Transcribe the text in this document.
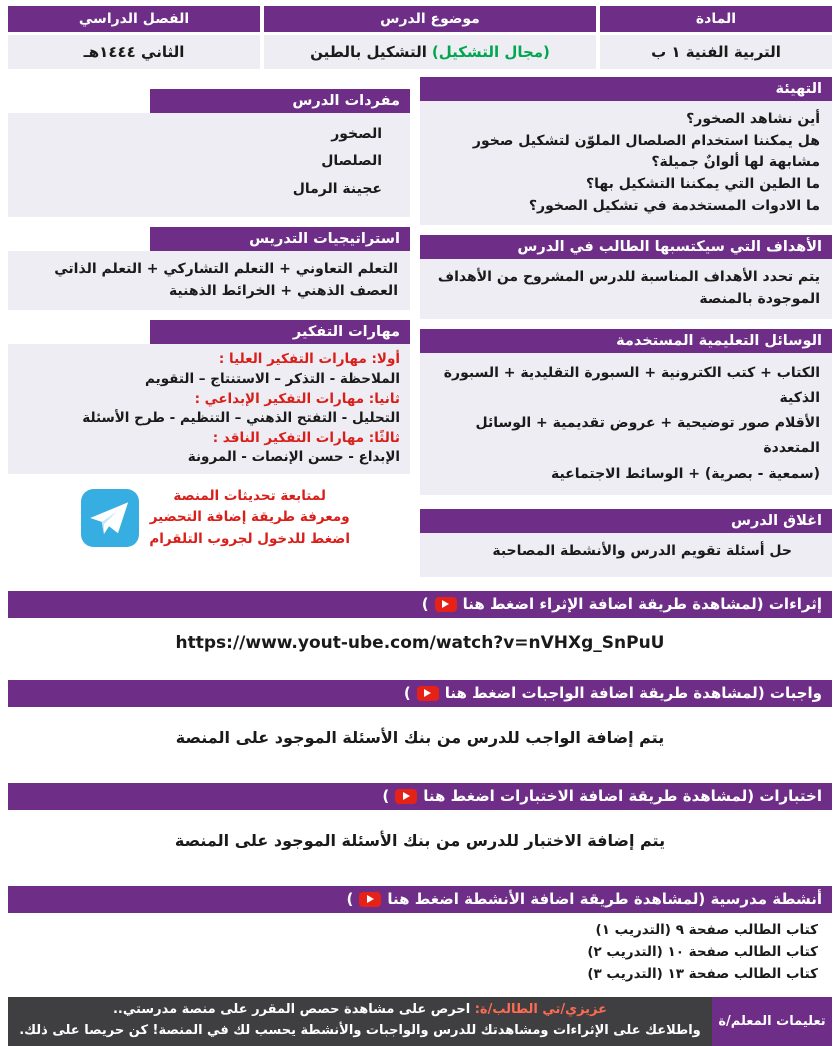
المادة
التربية الفنية ١ ب
موضوع الدرس
(مجال التشكيل)
التشكيل بالطين
الفصل الدراسي
الثاني ١٤٤٤هـ
التهيئة
أين نشاهد الصخور؟
هل يمكننا استخدام الصلصال الملوّن لتشكيل صخور مشابهة لها ألوانٌ جميلة؟
ما الطين التي يمكننا التشكيل بها؟
ما الادوات المستخدمة في تشكيل الصخور؟
الأهداف التي سيكتسبها الطالب في الدرس
يتم تحدد الأهداف المناسبة للدرس المشروح من الأهداف الموجودة بالمنصة
الوسائل التعليمية المستخدمة
الكتاب + كتب الكترونية + السبورة التقليدية + السبورة الذكية
الأقلام صور توضيحية + عروض تقديمية + الوسائل المتعددة
(سمعية - بصرية) + الوسائط الاجتماعية
اغلاق الدرس
حل أسئلة تقويم الدرس والأنشطة المصاحبة
مفردات الدرس
الصخور
الصلصال
عجينة الرمال
استراتيجيات التدريس
التعلم التعاوني + التعلم التشاركي + التعلم الذاتي
العصف الذهني + الخرائط الذهنية
مهارات التفكير
أولا: مهارات التفكير العليا :
الملاحظة - التذكر – الاستنتاج – التقويم
ثانيا: مهارات التفكير الإبداعي :
التحليل - التفتح الذهني – التنظيم - طرح الأسئلة
ثالثًا: مهارات التفكير الناقد :
الإبداع - حسن الإنصات - المرونة
لمتابعة تحديثات المنصة
ومعرفة طريقة إضافة التحضير
اضغط للدخول لجروب التلقرام
إثراءات (لمشاهدة طريقة اضافة الإثراء اضغط هنا
)
https://www.yout-ube.com/watch?v=nVHXg_SnPuU
واجبات (لمشاهدة طريقة اضافة الواجبات اضغط هنا
)
يتم إضافة الواجب للدرس من بنك الأسئلة الموجود على المنصة
اختبارات (لمشاهدة طريقة اضافة الاختبارات اضغط هنا
)
يتم إضافة الاختبار للدرس من بنك الأسئلة الموجود على المنصة
أنشطة مدرسية (لمشاهدة طريقة اضافة الأنشطة اضغط هنا
)
كتاب الطالب صفحة ٩ (التدريب ١)
كتاب الطالب صفحة ١٠ (التدريب ٢)
كتاب الطالب صفحة ١٣ (التدريب ٣)
تعليمات المعلم/ة
عزيزي/تي الطالب/ة: احرص على مشاهدة حصص المقرر على منصة مدرستي..
واطلاعك على الإثراءات ومشاهدتك للدرس والواجبات والأنشطة يحسب لك في المنصة! كن حريصا على ذلك.
